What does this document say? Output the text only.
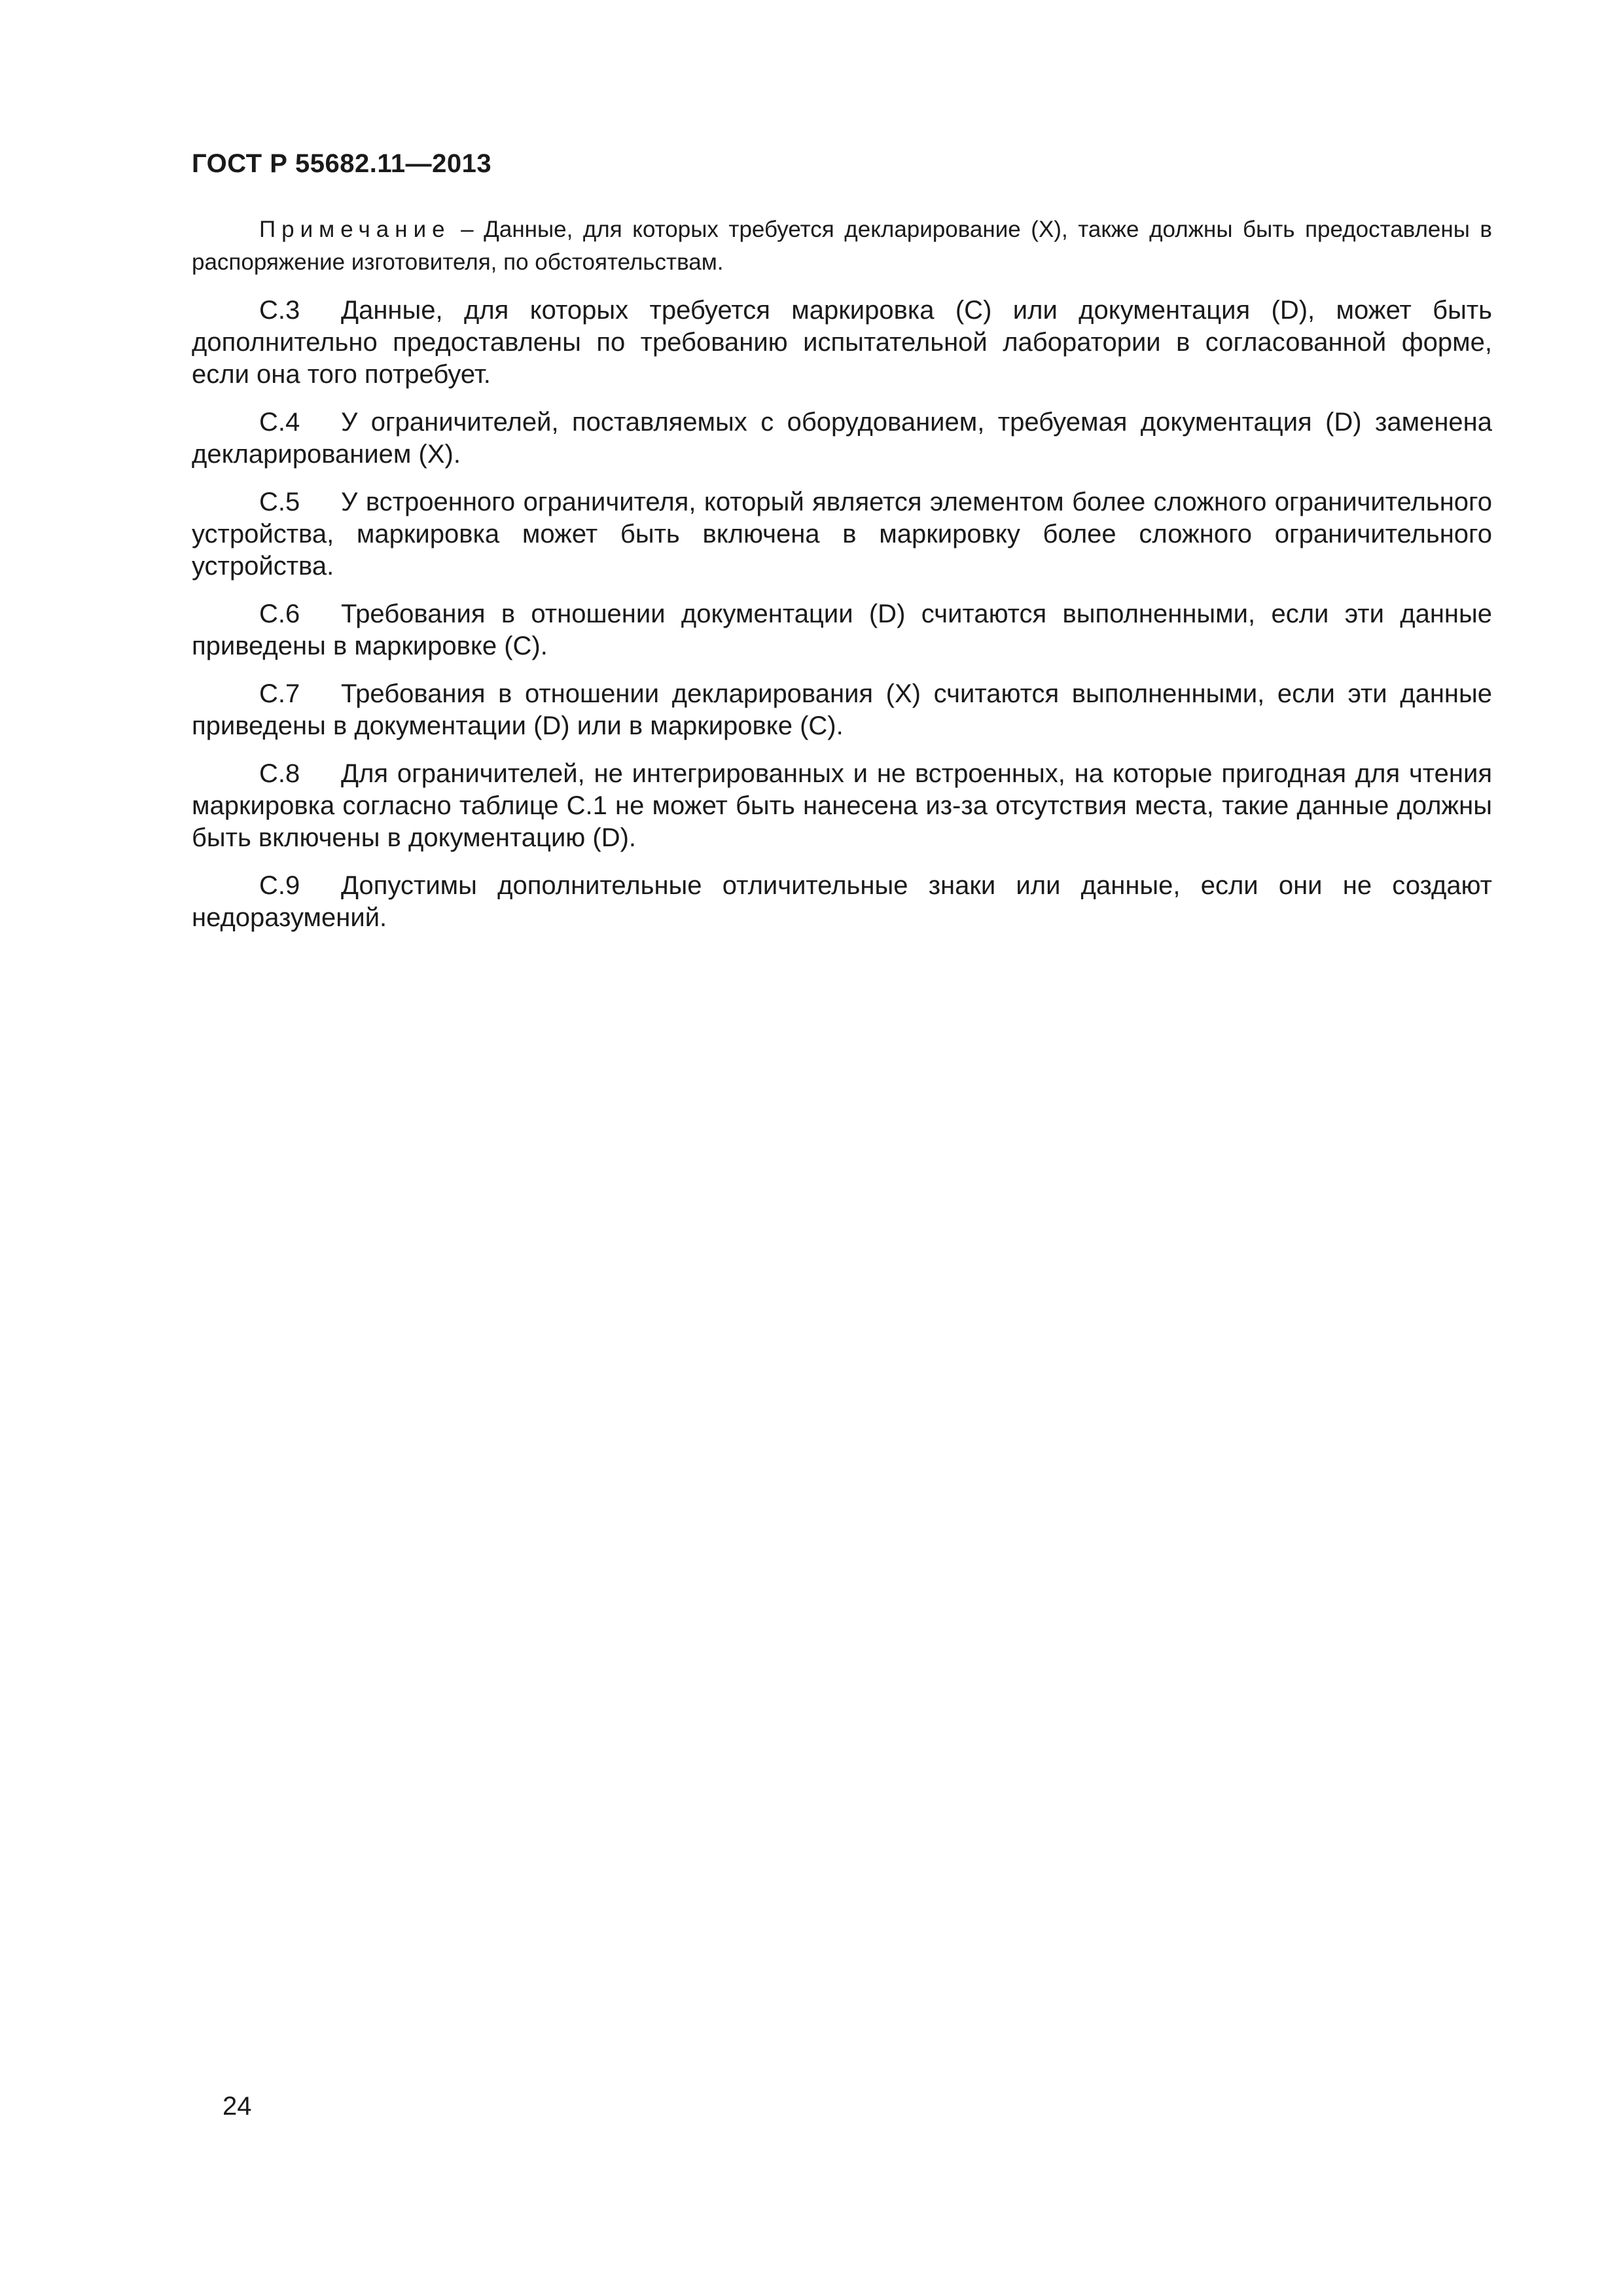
ГОСТ Р 55682.11—2013

Примечание – Данные, для которых требуется декларирование (X), также должны быть предоставлены в распоряжение изготовителя, по обстоятельствам.

С.3 Данные, для которых требуется маркировка (C) или документация (D), может быть дополнительно предоставлены по требованию испытательной лаборатории в согласованной форме, если она того потребует.

С.4 У ограничителей, поставляемых с оборудованием, требуемая документация (D) заменена декларированием (X).

С.5 У встроенного ограничителя, который является элементом более сложного ограничительного устройства, маркировка может быть включена в маркировку более сложного ограничительного устройства.

С.6 Требования в отношении документации (D) считаются выполненными, если эти данные приведены в маркировке (C).

С.7 Требования в отношении декларирования (X) считаются выполненными, если эти данные приведены в документации (D) или в маркировке (C).

С.8 Для ограничителей, не интегрированных и не встроенных, на которые пригодная для чтения маркировка согласно таблице С.1 не может быть нанесена из-за отсутствия места, такие данные должны быть включены в документацию (D).

С.9 Допустимы дополнительные отличительные знаки или данные, если они не создают недоразумений.

24
